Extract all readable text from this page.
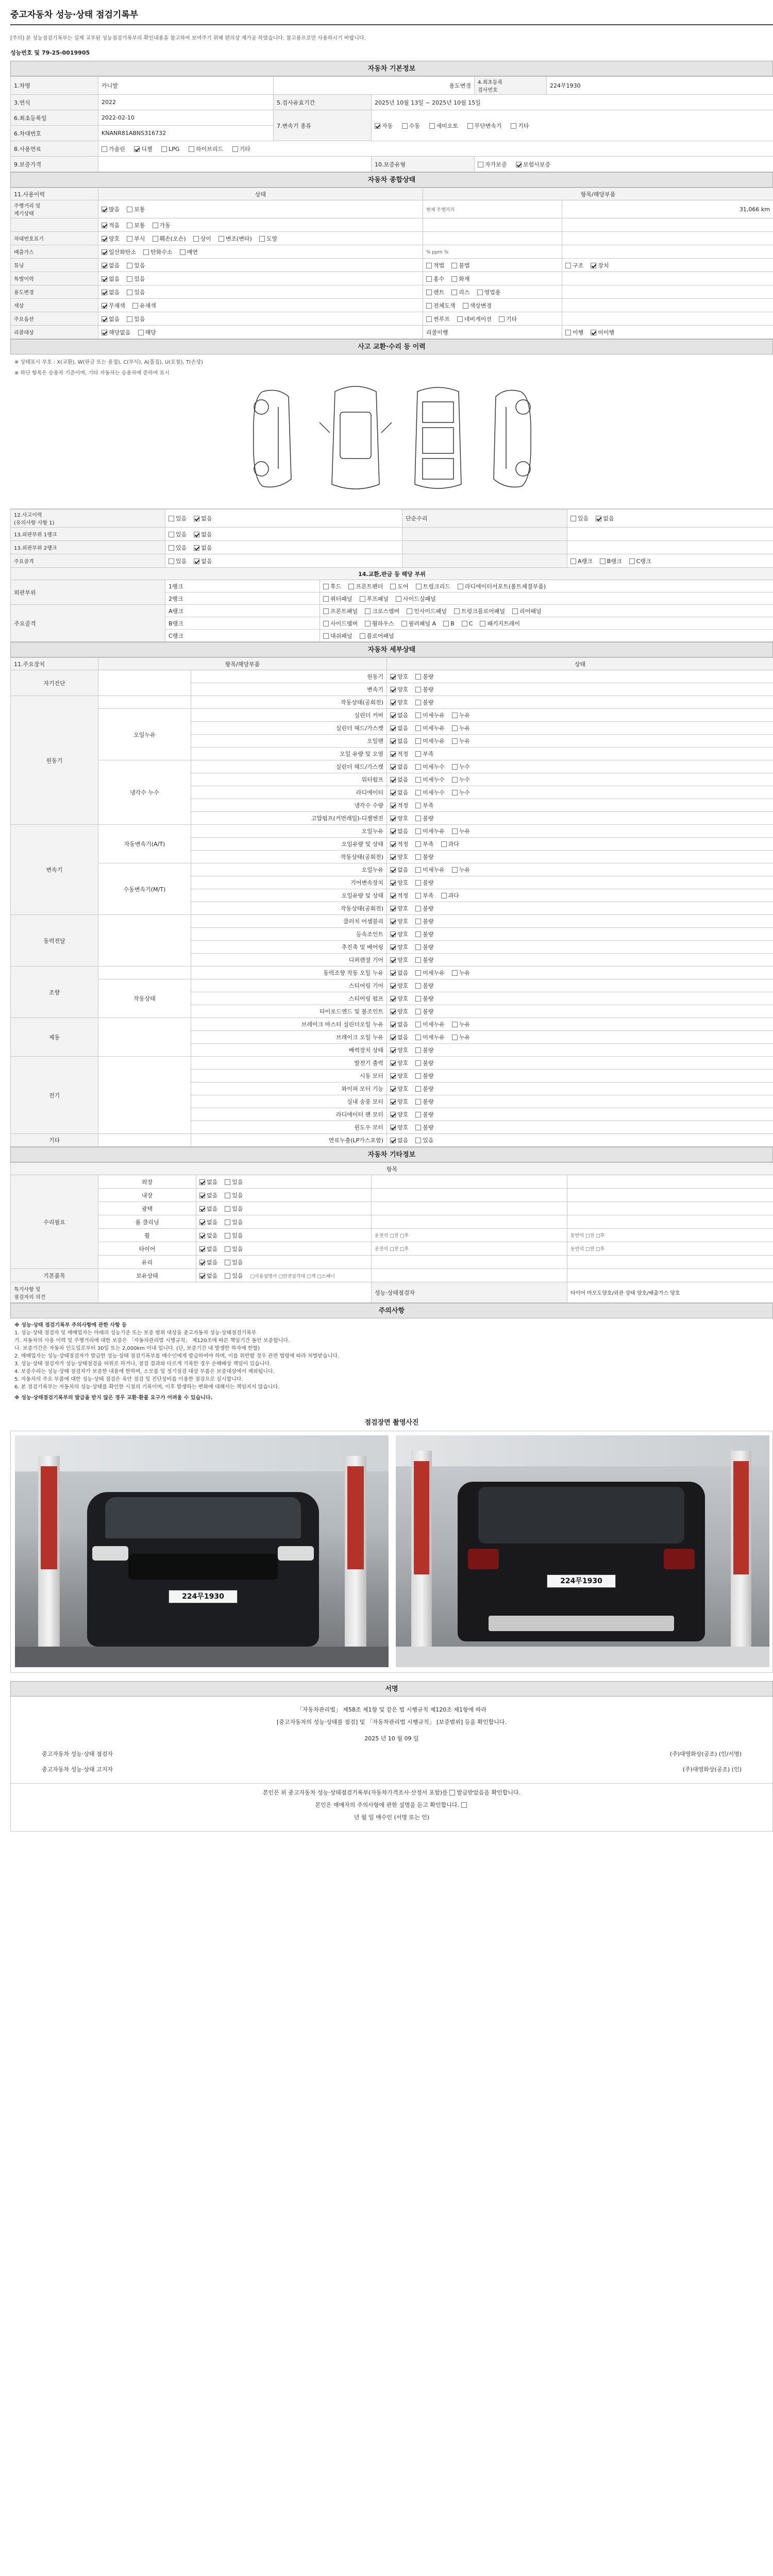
중고자동차 성능·상태 점검기록부
[주의] 본 성능점검기록부는 실제 교부된 성능점검기록부의 확인내용을 참고하여 보여주기 위해 편의상 재가공 하였습니다. 참고용으로만 사용하시기 바랍니다.
성능번호 및 79-25-0019905
자동차 기본정보
1.차명	카니발	용도변경		4.최초등록
검사번호	224무1930
3.연식	2022	5.검사유효기간	2025년 10월 13일 ~ 2025년 10월 15일		
6.최초등록일	2022-02-10	7.변속기 종류	자동 수동 세미오토 무단변속기 기타		
6.차대번호	KNANR81ABNS316732				
8.사용연료	가솔린 디젤 LPG 하이브리드 기타				
9.보증가격			10.보증유형	자가보증 보험사보증	
자동차 종합상태
11.사용이력	상태	항목/해당부품	
주행거리 및
계기상태	많음 보통	현재 주행거리	31,066 km
	적음 보통 가동		
차대번호표기	양호 부식 훼손(오손) 상이 변조(변타) 도말		
배출가스	일산화탄소 탄화수소 매연	% ppm %	
튜닝	없음 있음	적법 불법	구조 장치
특별이력	없음 있음	홍수 화재	
용도변경	없음 있음	렌트 리스 영업용	
색상	무채색 유채색	전체도색 색상변경	
주요옵션	없음 있음	썬루프 네비게이션 기타	
리콜대상	해당없음 해당	리콜이행	이행 미이행
사고 교환·수리 등 이력
※ 상태표시 부호 : X(교환), W(판금 또는 용접), C(부식), A(흠집), U(요철), T(손상)
※ 하단 항목은 승용차 기준이며, 기타 자동차는 승용차에 준하여 표시
12.사고이력
(유의사항 사항 1)	있음 없음		단순수리	있음 없음
13.외판부위 1랭크	있음 없음			
13.외판부위 2랭크	있음 없음			
주요골격	있음 없음			A랭크 B랭크 C랭크
14.교환,판금 등 해당 부위				
외판부위	1랭크	후드 프론트펜더 도어 트렁크리드 라디에이터서포트(볼트체결부품)		
	2랭크	쿼터패널 루프패널 사이드실패널		
주요골격	A랭크	프론트패널 크로스멤버 인사이드패널 트렁크플로어패널 리어패널		
	B랭크	사이드멤버 휠하우스 필러패널 A B C 패키지트레이		
	C랭크	대쉬패널 플로어패널		
자동차 세부상태
11.주요장치	항목/해당부품		상태
자기진단		원동기	양호 불량
		변속기	양호 불량
원동기		작동상태(공회전)	양호 불량
	오일누유	실린더 커버	없음 미세누유 누유
		실린더 헤드/가스켓	없음 미세누유 누유
		오일팬	없음 미세누유 누유
		오일 유량 및 오염	적정 부족
	냉각수 누수	실린더 헤드/가스켓	없음 미세누수 누수
		워터펌프	없음 미세누수 누수
		라디에이터	없음 미세누수 누수
		냉각수 수량	적정 부족
		고압펌프(커먼레일)-디젤엔진	양호 불량
변속기	자동변속기(A/T)	오일누유	없음 미세누유 누유
		오일유량 및 상태	적정 부족 과다
		작동상태(공회전)	양호 불량
	수동변속기(M/T)	오일누유	없음 미세누유 누유
		기어변속장치	양호 불량
		오일유량 및 상태	적정 부족 과다
		작동상태(공회전)	양호 불량
동력전달		클러치 어셈블리	양호 불량
		등속조인트	양호 불량
		추진축 및 베어링	양호 불량
		디퍼렌셜 기어	양호 불량
조향		동력조향 작동 오일 누유	없음 미세누유 누유
	작동상태	스티어링 기어	양호 불량
		스티어링 펌프	양호 불량
		타이로드엔드 및 볼조인트	양호 불량
제동		브레이크 마스터 실린더오일 누유	없음 미세누유 누유
		브레이크 오일 누유	없음 미세누유 누유
		배력장치 상태	양호 불량
전기		발전기 출력	양호 불량
		시동 모터	양호 불량
		와이퍼 모터 기능	양호 불량
		실내 송풍 모터	양호 불량
		라디에이터 팬 모터	양호 불량
		윈도우 모터	양호 불량
기타		연료누출(LP가스포함)	없음 있음
자동차 기타정보
항목				
수리필요	외장	없음 있음		
	내장	없음 있음		
	광택	없음 있음		
	룸 클리닝	없음 있음		
	휠	없음 있음	운전석 □전 □후	동반석 □전 □후
	타이어	없음 있음	운전석 □전 □후	동반석 □전 □후
	유리	없음 있음		
기본품목	보유상태	없음 있음 □사용설명서 □안전삼각대 □잭 □스패너		
특기사항 및
점검자의 의견			성능·상태점검자	타이어 마모도양호/외관 상태 양호/배출가스 양호
주의사항
※ 성능·상태 점검기록부 주의사항에 관한 사항 등
1. 성능·상태 점검자 및 매매업자는 아래의 성능기준 또는 보증 범위 대상을 중고자동차 성능·상태점검기록부
가. 자동차의 사용 이력 및 주행거리에 대한 보증은 「자동차관리법 시행규칙」 제120조에 따른 책임기간 동안 보증합니다.
나. 보증기간은 자동차 인도일로부터 30일 또는 2,000km 이내 입니다. (단, 보증기간 내 발생한 하자에 한함)
2. 매매업자는 성능·상태점검자가 발급한 성능·상태 점검기록부를 매수인에게 발급하여야 하며, 이를 위반할 경우 관련 법령에 따라 처벌받습니다.
3. 성능·상태 점검자가 성능·상태점검을 허위로 하거나, 점검 결과와 다르게 기록한 경우 손해배상 책임이 있습니다.
4. 보증수리는 성능·상태 점검자가 보증한 내용에 한하며, 소모품 및 정기점검 대상 부품은 보증대상에서 제외됩니다.
5. 자동차의 주요 부품에 대한 성능·상태 점검은 육안 점검 및 진단장비를 이용한 점검으로 실시합니다.
6. 본 점검기록부는 자동차의 성능·상태를 확인한 시점의 기록이며, 이후 발생하는 변화에 대해서는 책임지지 않습니다.
※ 성능·상태점검기록부의 발급을 받지 않은 경우 교환·환불 요구가 어려울 수 있습니다.
점검장면 촬영사진
224무1930
224무1930
서명
「자동차관리법」 제58조 제1항 및 같은 법 시행규칙 제120조 제1항에 따라
[중고자동차의 성능·상태를 점검] 및 「자동차관리법 시행규칙」 [보증범위] 등을 확인합니다.
2025 년 10 월 09 일
중고자동차 성능·상태 점검자	(주)대영화상(공조) (인/서명)
중고자동차 성능·상태 고지자	(주)대영화상(공조) (인)
본인은 위 중고자동차 성능·상태점검기록부(자동차가격조사·산정서 포함)를 발급받았음을 확인합니다.
본인은 매매자의 주의사항에 관한 설명을 듣고 확인합니다.
년 월 일 매수인 (서명 또는 인)
